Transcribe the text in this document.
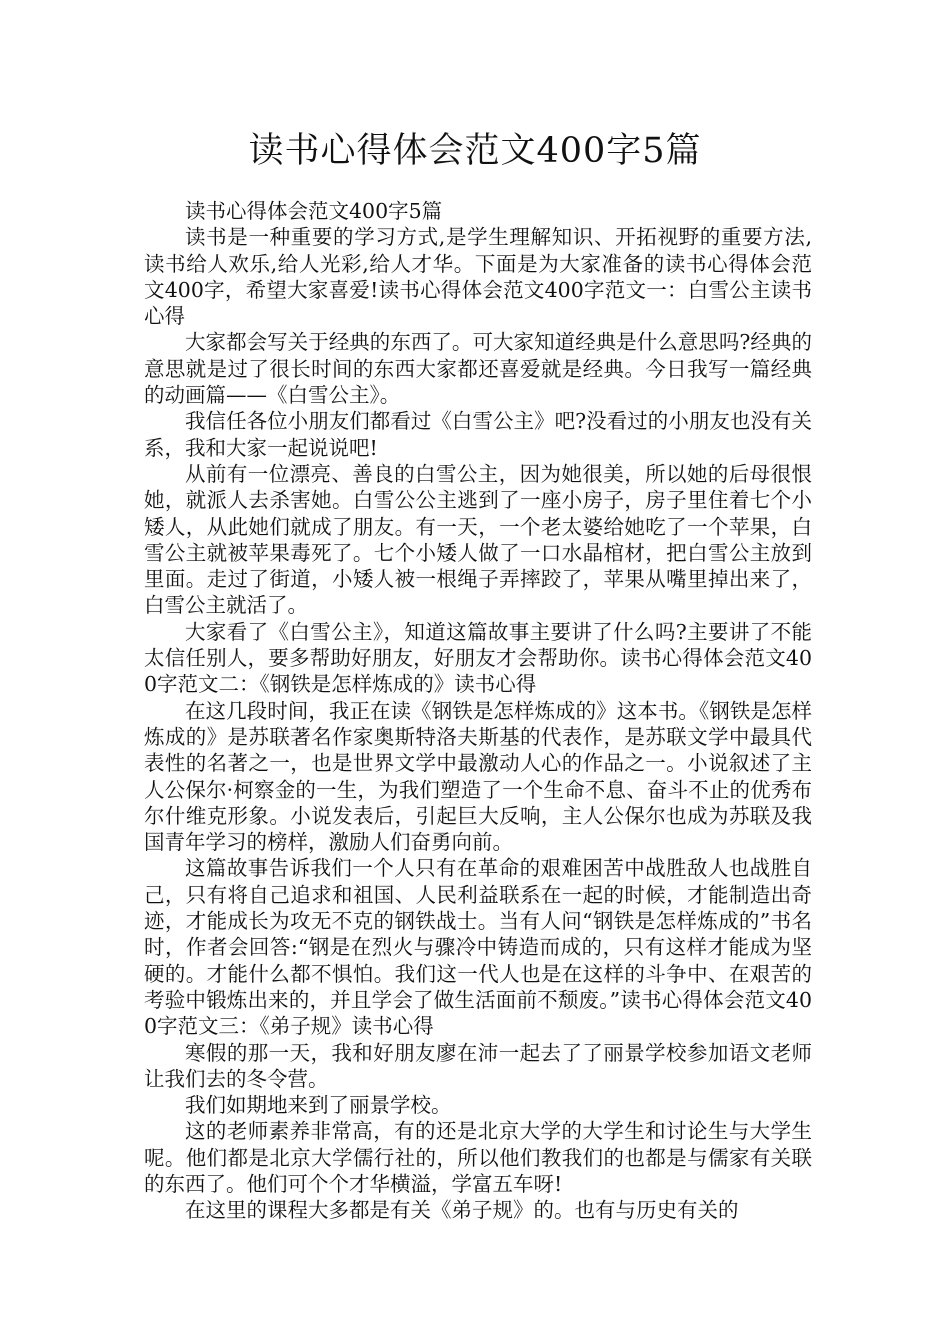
读书心得体会范文400字5篇

读书心得体会范文400字5篇

读书是一种重要的学习方式,是学生理解知识、开拓视野的重要方法,读书给人欢乐,给人光彩,给人才华。下面是为大家准备的读书心得体会范文400字，希望大家喜爱!读书心得体会范文400字范文一：白雪公主读书心得

大家都会写关于经典的东西了。可大家知道经典是什么意思吗?经典的意思就是过了很长时间的东西大家都还喜爱就是经典。今日我写一篇经典的动画篇——《白雪公主》。

我信任各位小朋友们都看过《白雪公主》吧?没看过的小朋友也没有关系，我和大家一起说说吧!

从前有一位漂亮、善良的白雪公主，因为她很美，所以她的后母很恨她，就派人去杀害她。白雪公公主逃到了一座小房子，房子里住着七个小矮人，从此她们就成了朋友。有一天，一个老太婆给她吃了一个苹果，白雪公主就被苹果毒死了。七个小矮人做了一口水晶棺材，把白雪公主放到里面。走过了街道，小矮人被一根绳子弄摔跤了，苹果从嘴里掉出来了，白雪公主就活了。

大家看了《白雪公主》，知道这篇故事主要讲了什么吗?主要讲了不能太信任别人，要多帮助好朋友，好朋友才会帮助你。读书心得体会范文400字范文二：《钢铁是怎样炼成的》读书心得

在这几段时间，我正在读《钢铁是怎样炼成的》这本书。《钢铁是怎样炼成的》是苏联著名作家奥斯特洛夫斯基的代表作，是苏联文学中最具代表性的名著之一，也是世界文学中最激动人心的作品之一。小说叙述了主人公保尔·柯察金的一生，为我们塑造了一个生命不息、奋斗不止的优秀布尔什维克形象。小说发表后，引起巨大反响，主人公保尔也成为苏联及我国青年学习的榜样，激励人们奋勇向前。

这篇故事告诉我们一个人只有在革命的艰难困苦中战胜敌人也战胜自己，只有将自己追求和祖国、人民利益联系在一起的时候，才能制造出奇迹，才能成长为攻无不克的钢铁战士。当有人问“钢铁是怎样炼成的”书名时，作者会回答:“钢是在烈火与骤冷中铸造而成的，只有这样才能成为坚硬的。才能什么都不惧怕。我们这一代人也是在这样的斗争中、在艰苦的考验中锻炼出来的，并且学会了做生活面前不颓废。”读书心得体会范文400字范文三：《弟子规》读书心得

寒假的那一天，我和好朋友廖在沛一起去了了丽景学校参加语文老师让我们去的冬令营。

我们如期地来到了丽景学校。

这的老师素养非常高，有的还是北京大学的大学生和讨论生与大学生呢。他们都是北京大学儒行社的，所以他们教我们的也都是与儒家有关联的东西了。他们可个个才华横溢，学富五车呀!

在这里的课程大多都是有关《弟子规》的。也有与历史有关的
